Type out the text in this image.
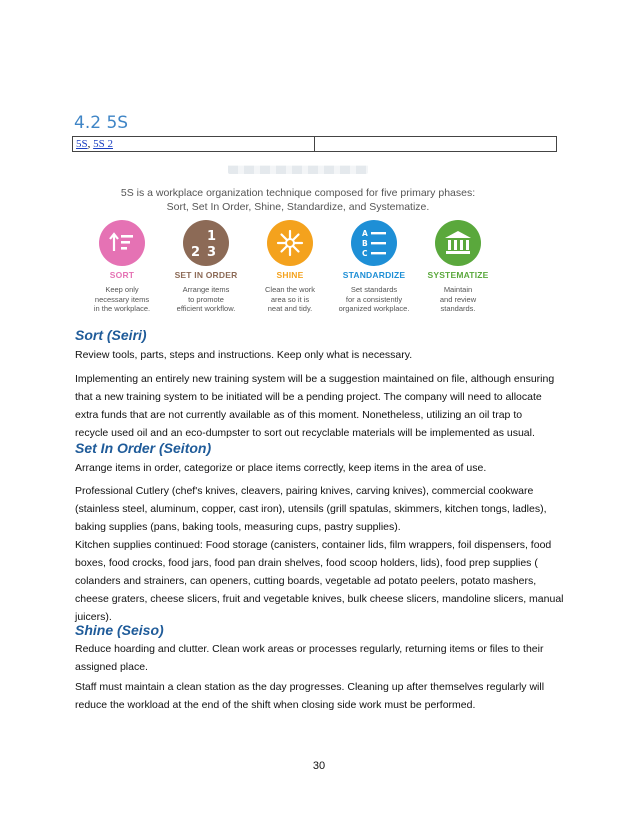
4.2 5S
5S, 5S 2	
5S is a workplace organization technique composed for five primary phases:
Sort, Set In Order, Shine, Standardize, and Systematize.
SORT
Keep only
necessary items
in the workplace.
1
2 3
SET IN ORDER
Arrange items
to promote
efficient workflow.
SHINE
Clean the work
area so it is
neat and tidy.
A
B
C
STANDARDIZE
Set standards
for a consistently
organized workplace.
SYSTEMATIZE
Maintain
and review
standards.
Sort (Seiri)
Review tools, parts, steps and instructions. Keep only what is necessary.
Implementing an entirely new training system will be a suggestion maintained on file, although ensuring
that a new training system to be initiated will be a pending project. The company will need to allocate
extra funds that are not currently available as of this moment. Nonetheless, utilizing an oil trap to
recycle used oil and an eco-dumpster to sort out recyclable materials will be implemented as usual.
Set In Order (Seiton)
Arrange items in order, categorize or place items correctly, keep items in the area of use.
Professional Cutlery (chef's knives, cleavers, pairing knives, carving knives), commercial cookware
(stainless steel, aluminum, copper, cast iron), utensils (grill spatulas, skimmers, kitchen tongs, ladles),
baking supplies (pans, baking tools, measuring cups, pastry supplies).
Kitchen supplies continued: Food storage (canisters, container lids, film wrappers, foil dispensers, food
boxes, food crocks, food jars, food pan drain shelves, food scoop holders, lids), food prep supplies (
colanders and strainers, can openers, cutting boards, vegetable ad potato peelers, potato mashers,
cheese graters, cheese slicers, fruit and vegetable knives, bulk cheese slicers, mandoline slicers, manual
juicers).
Shine (Seiso)
Reduce hoarding and clutter. Clean work areas or processes regularly, returning items or files to their
assigned place.
Staff must maintain a clean station as the day progresses. Cleaning up after themselves regularly will
reduce the workload at the end of the shift when closing side work must be performed.
30
